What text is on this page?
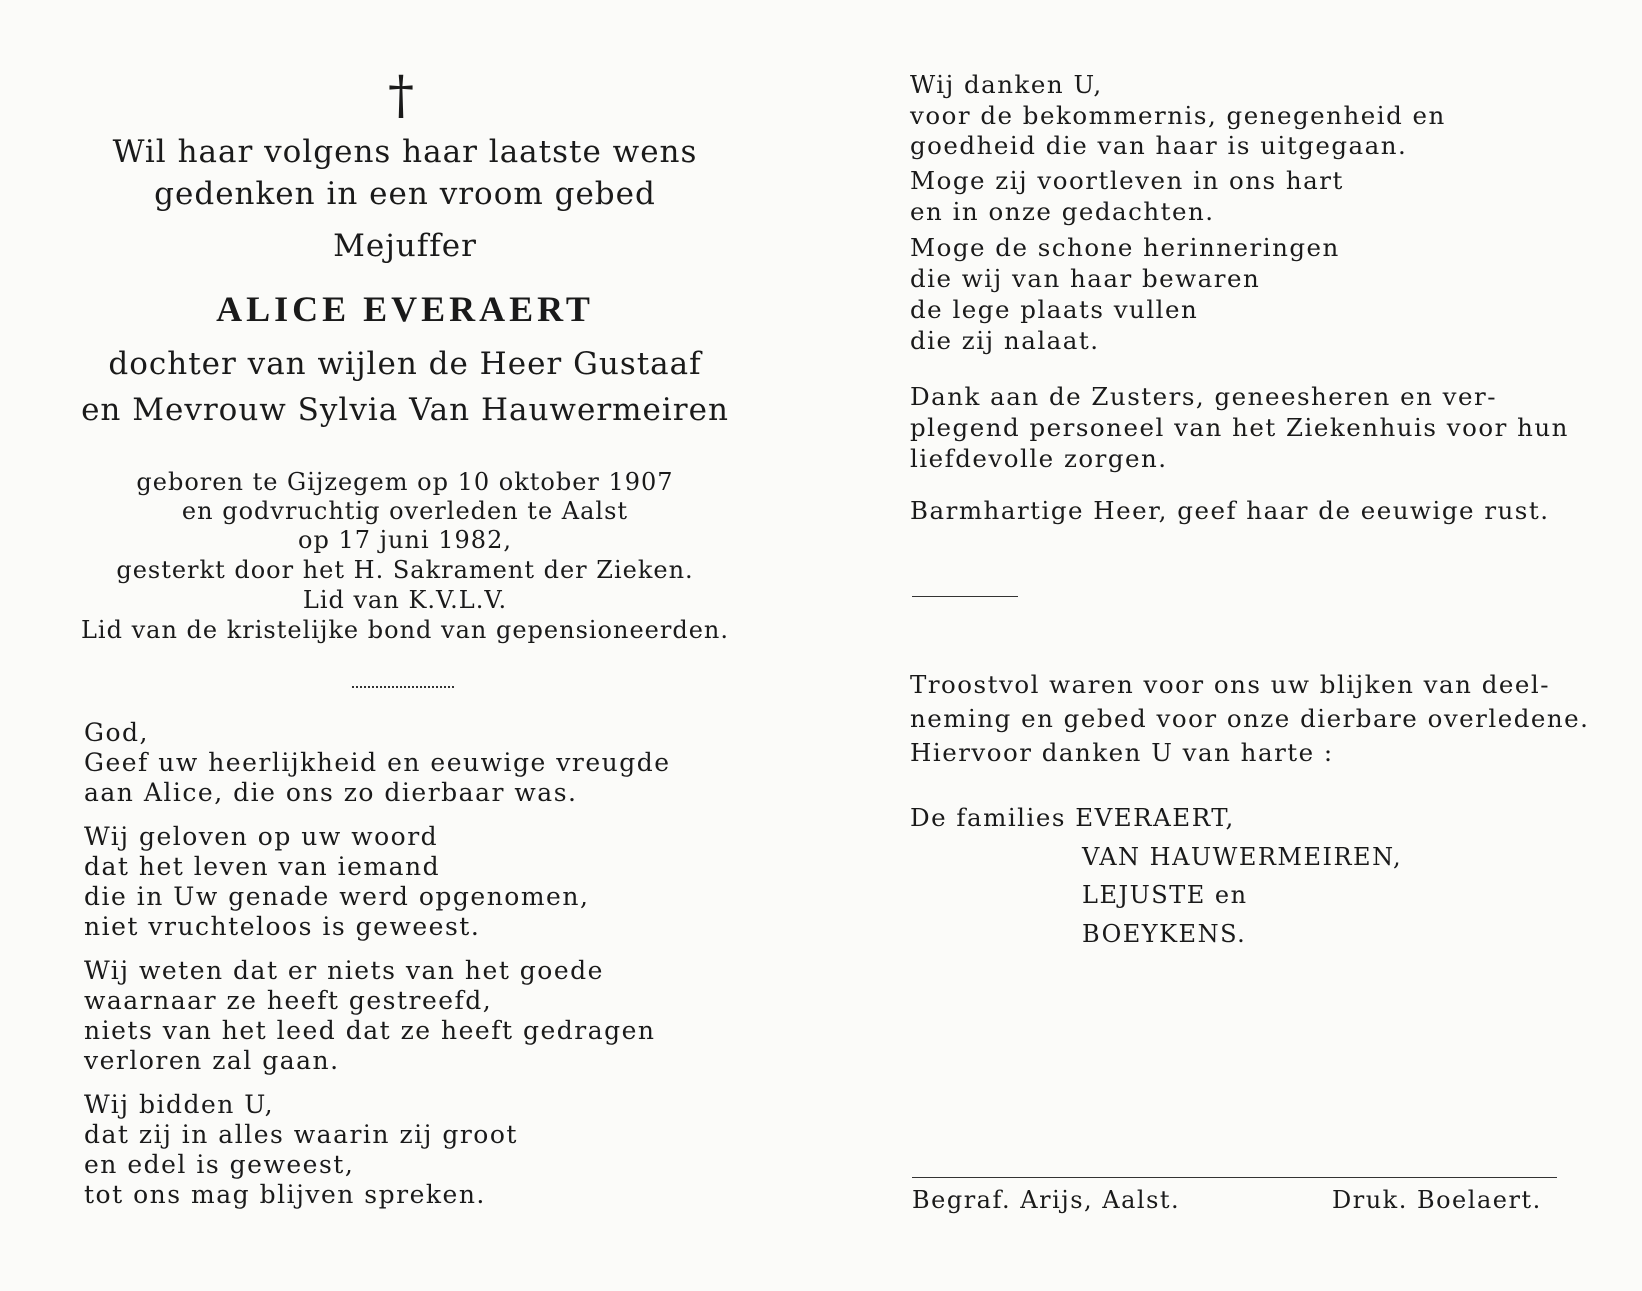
†
Wil haar volgens haar laatste wens
gedenken in een vroom gebed
Mejuffer
ALICE EVERAERT
dochter van wijlen de Heer Gustaaf
en Mevrouw Sylvia Van Hauwermeiren
geboren te Gijzegem op 10 oktober 1907
en godvruchtig overleden te Aalst
op 17 juni 1982,
gesterkt door het H. Sakrament der Zieken.
Lid van K.V.L.V.
Lid van de kristelijke bond van gepensioneerden.
God,
Geef uw heerlijkheid en eeuwige vreugde
aan Alice, die ons zo dierbaar was.
Wij geloven op uw woord
dat het leven van iemand
die in Uw genade werd opgenomen,
niet vruchteloos is geweest.
Wij weten dat er niets van het goede
waarnaar ze heeft gestreefd,
niets van het leed dat ze heeft gedragen
verloren zal gaan.
Wij bidden U,
dat zij in alles waarin zij groot
en edel is geweest,
tot ons mag blijven spreken.
Wij danken U,
voor de bekommernis, genegenheid en
goedheid die van haar is uitgegaan.
Moge zij voortleven in ons hart
en in onze gedachten.
Moge de schone herinneringen
die wij van haar bewaren
de lege plaats vullen
die zij nalaat.
Dank aan de Zusters, geneesheren en ver-
plegend personeel van het Ziekenhuis voor hun
liefdevolle zorgen.
Barmhartige Heer, geef haar de eeuwige rust.
Troostvol waren voor ons uw blijken van deel-
neming en gebed voor onze dierbare overledene.
Hiervoor danken U van harte :
De families EVERAERT,
VAN HAUWERMEIREN,
LEJUSTE en
BOEYKENS.
Begraf. Arijs, Aalst.	Druk. Boelaert.
